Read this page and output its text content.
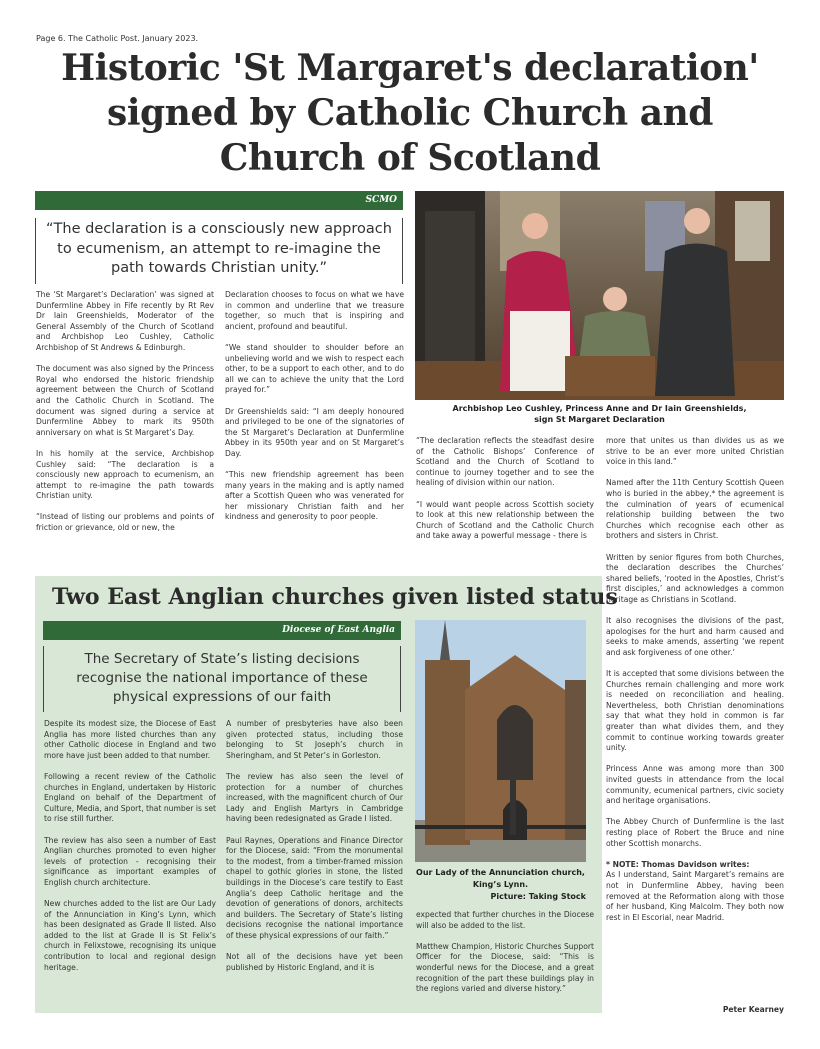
Page 6. The Catholic Post. January 2023.
Historic 'St Margaret's declaration'
signed by Catholic Church and
Church of Scotland
SCMO
“The declaration is a consciously new approach to ecumenism, an attempt to re-imagine the path towards Christian unity.”

The ‘St Margaret’s Declaration’ was signed at Dunfermline Abbey in Fife recently by Rt Rev Dr Iain Greenshields, Moderator of the General Assembly of the Church of Scotland and Archbishop Leo Cushley, Catholic Archbishop of St Andrews & Edinburgh.

The document was also signed by the Princess Royal who endorsed the historic friendship agreement between the Church of Scotland and the Catholic Church in Scotland. The document was signed during a service at Dunfermline Abbey to mark its 950th anniversary on what is St Margaret’s Day.

In his homily at the service, Archbishop Cushley said: “The declaration is a consciously new approach to ecumenism, an attempt to re-imagine the path towards Christian unity.

“Instead of listing our problems and points of friction or grievance, old or new, the

Declaration chooses to focus on what we have in common and underline that we treasure together, so much that is inspiring and ancient, profound and beautiful.

“We stand shoulder to shoulder before an unbelieving world and we wish to respect each other, to be a support to each other, and to do all we can to achieve the unity that the Lord prayed for.”

Dr Greenshields said: “I am deeply honoured and privileged to be one of the signatories of the St Margaret’s Declaration at Dunfermline Abbey in its 950th year and on St Margaret’s Day.

“This new friendship agreement has been many years in the making and is aptly named after a Scottish Queen who was venerated for her missionary Christian faith and her kindness and generosity to poor people.

Archbishop Leo Cushley, Princess Anne and Dr Iain Greenshields,
sign St Margaret Declaration

“The declaration reflects the steadfast desire of the Catholic Bishops’ Conference of Scotland and the Church of Scotland to continue to journey together and to see the healing of division within our nation.

“I would want people across Scottish society to look at this new relationship between the Church of Scotland and the Catholic Church and take away a powerful message - there is

more that unites us than divides us as we strive to be an ever more united Christian voice in this land.”

Named after the 11th Century Scottish Queen who is buried in the abbey,* the agreement is the culmination of years of ecumenical relationship building between the two Churches which recognise each other as brothers and sisters in Christ.

Written by senior figures from both Churches, the declaration describes the Churches’ shared beliefs, ‘rooted in the Apostles, Christ’s first disciples,’ and acknowledges a common heritage as Christians in Scotland.

It also recognises the divisions of the past, apologises for the hurt and harm caused and seeks to make amends, asserting ‘we repent and ask forgiveness of one other.’

It is accepted that some divisions between the Churches remain challenging and more work is needed on reconciliation and healing. Nevertheless, both Christian denominations say that what they hold in common is far greater than what divides them, and they commit to continue working towards greater unity.

Princess Anne was among more than 300 invited guests in attendance from the local community, ecumenical partners, civic society and heritage organisations.

The Abbey Church of Dunfermline is the last resting place of Robert the Bruce and nine other Scottish monarchs.

* NOTE: Thomas Davidson writes:
As I understand, Saint Margaret’s remains are not in Dunfermline Abbey, having been removed at the Reformation along with those of her husband, King Malcolm. They both now rest in El Escorial, near Madrid.

Peter Kearney
Two East Anglian churches given listed status
Diocese of East Anglia
The Secretary of State’s listing decisions recognise the national importance of these physical expressions of our faith

Despite its modest size, the Diocese of East Anglia has more listed churches than any other Catholic diocese in England and two more have just been added to that number.

Following a recent review of the Catholic churches in England, undertaken by Historic England on behalf of the Department of Culture, Media, and Sport, that number is set to rise still further.

The review has also seen a number of East Anglian churches promoted to even higher levels of protection - recognising their significance as important examples of English church architecture.

New churches added to the list are Our Lady of the Annunciation in King’s Lynn, which has been designated as Grade II listed. Also added to the list at Grade II is St Felix’s church in Felixstowe, recognising its unique contribution to local and regional design heritage.

A number of presbyteries have also been given protected status, including those belonging to St Joseph’s church in Sheringham, and St Peter’s in Gorleston.

The review has also seen the level of protection for a number of churches increased, with the magnificent church of Our Lady and English Martyrs in Cambridge having been redesignated as Grade I listed.

Paul Raynes, Operations and Finance Director for the Diocese, said: “From the monumental to the modest, from a timber-framed mission chapel to gothic glories in stone, the listed buildings in the Diocese’s care testify to East Anglia’s deep Catholic heritage and the devotion of generations of donors, architects and builders. The Secretary of State’s listing decisions recognise the national importance of these physical expressions of our faith.”

Not all of the decisions have yet been published by Historic England, and it is

Our Lady of the Annunciation church,
King’s Lynn.

Picture: Taking Stock

expected that further churches in the Diocese will also be added to the list.

Matthew Champion, Historic Churches Support Officer for the Diocese, said: “This is wonderful news for the Diocese, and a great recognition of the part these buildings play in the regions varied and diverse history.”
